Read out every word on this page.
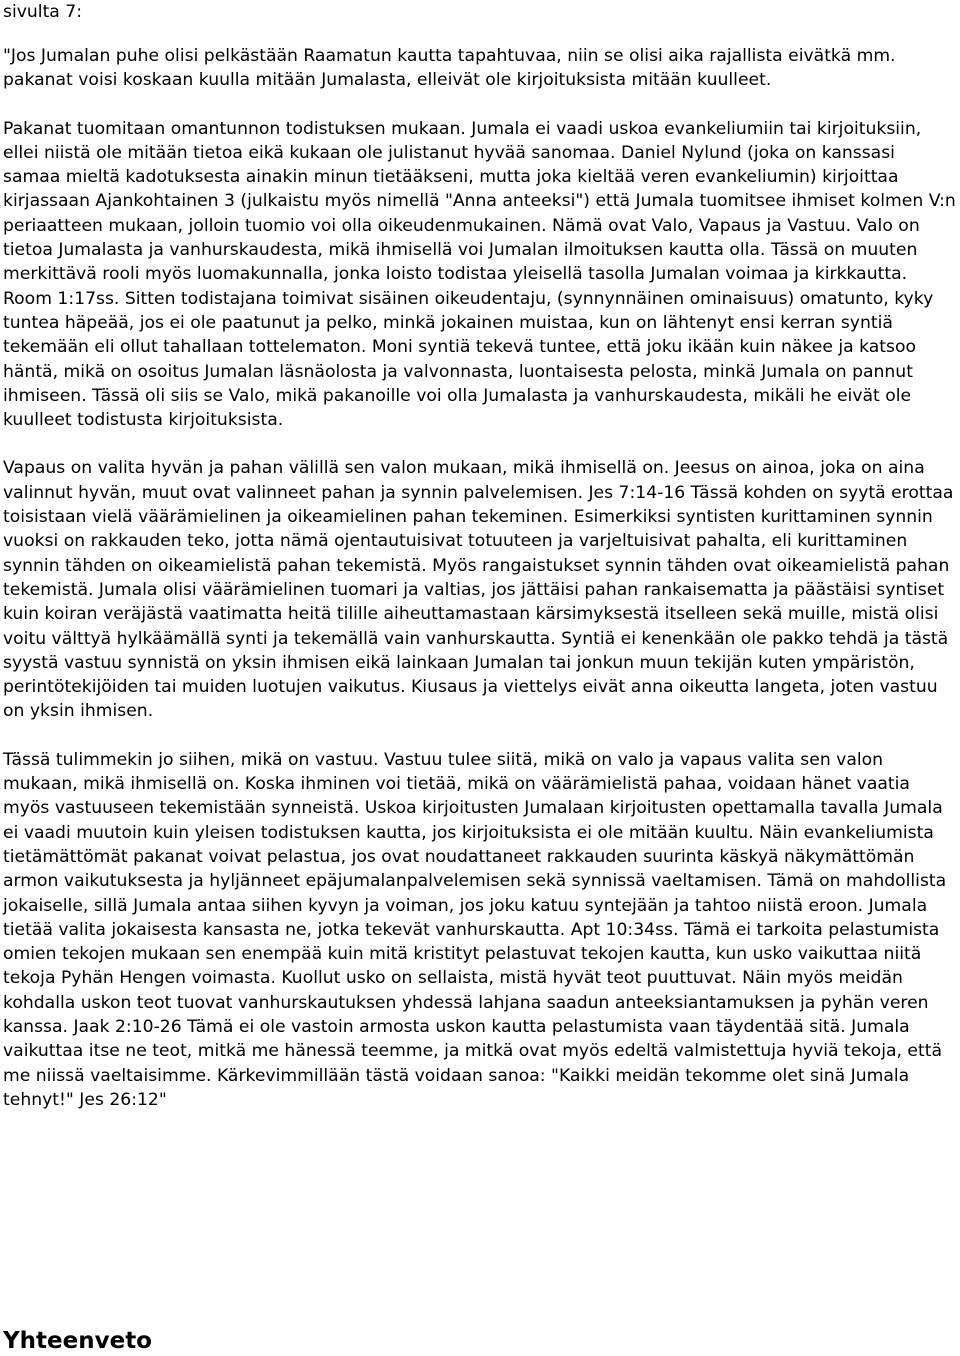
sivulta 7:

"Jos Jumalan puhe olisi pelkästään Raamatun kautta tapahtuvaa, niin se olisi aika rajallista eivätkä mm. pakanat voisi koskaan kuulla mitään Jumalasta, elleivät ole kirjoituksista mitään kuulleet.

Pakanat tuomitaan omantunnon todistuksen mukaan. Jumala ei vaadi uskoa evankeliumiin tai kirjoituksiin, ellei niistä ole mitään tietoa eikä kukaan ole julistanut hyvää sanomaa. Daniel Nylund (joka on kanssasi samaa mieltä kadotuksesta ainakin minun tietääkseni, mutta joka kieltää veren evankeliumin) kirjoittaa kirjassaan Ajankohtainen 3 (julkaistu myös nimellä "Anna anteeksi") että Jumala tuomitsee ihmiset kolmen V:n periaatteen mukaan, jolloin tuomio voi olla oikeudenmukainen. Nämä ovat Valo, Vapaus ja Vastuu. Valo on tietoa Jumalasta ja vanhurskaudesta, mikä ihmisellä voi Jumalan ilmoituksen kautta olla. Tässä on muuten merkittävä rooli myös luomakunnalla, jonka loisto todistaa yleisellä tasolla Jumalan voimaa ja kirkkautta. Room 1:17ss. Sitten todistajana toimivat sisäinen oikeudentaju, (synnynnäinen ominaisuus) omatunto, kyky tuntea häpeää, jos ei ole paatunut ja pelko, minkä jokainen muistaa, kun on lähtenyt ensi kerran syntiä tekemään eli ollut tahallaan tottelematon. Moni syntiä tekevä tuntee, että joku ikään kuin näkee ja katsoo häntä, mikä on osoitus Jumalan läsnäolosta ja valvonnasta, luontaisesta pelosta, minkä Jumala on pannut ihmiseen. Tässä oli siis se Valo, mikä pakanoille voi olla Jumalasta ja vanhurskaudesta, mikäli he eivät ole kuulleet todistusta kirjoituksista.

Vapaus on valita hyvän ja pahan välillä sen valon mukaan, mikä ihmisellä on. Jeesus on ainoa, joka on aina valinnut hyvän, muut ovat valinneet pahan ja synnin palvelemisen. Jes 7:14-16 Tässä kohden on syytä erottaa toisistaan vielä väärämielinen ja oikeamielinen pahan tekeminen. Esimerkiksi syntisten kurittaminen synnin vuoksi on rakkauden teko, jotta nämä ojentautuisivat totuuteen ja varjeltuisivat pahalta, eli kurittaminen synnin tähden on oikeamielistä pahan tekemistä. Myös rangaistukset synnin tähden ovat oikeamielistä pahan tekemistä. Jumala olisi väärämielinen tuomari ja valtias, jos jättäisi pahan rankaisematta ja päästäisi syntiset kuin koiran veräjästä vaatimatta heitä tilille aiheuttamastaan kärsimyksestä itselleen sekä muille, mistä olisi voitu välttyä hylkäämällä synti ja tekemällä vain vanhurskautta. Syntiä ei kenenkään ole pakko tehdä ja tästä syystä vastuu synnistä on yksin ihmisen eikä lainkaan Jumalan tai jonkun muun tekijän kuten ympäristön, perintötekijöiden tai muiden luotujen vaikutus. Kiusaus ja viettelys eivät anna oikeutta langeta, joten vastuu on yksin ihmisen.

Tässä tulimmekin jo siihen, mikä on vastuu. Vastuu tulee siitä, mikä on valo ja vapaus valita sen valon mukaan, mikä ihmisellä on. Koska ihminen voi tietää, mikä on väärämielistä pahaa, voidaan hänet vaatia myös vastuuseen tekemistään synneistä. Uskoa kirjoitusten Jumalaan kirjoitusten opettamalla tavalla Jumala ei vaadi muutoin kuin yleisen todistuksen kautta, jos kirjoituksista ei ole mitään kuultu. Näin evankeliumista tietämättömät pakanat voivat pelastua, jos ovat noudattaneet rakkauden suurinta käskyä näkymättömän armon vaikutuksesta ja hyljänneet epäjumalanpalvelemisen sekä synnissä vaeltamisen. Tämä on mahdollista jokaiselle, sillä Jumala antaa siihen kyvyn ja voiman, jos joku katuu syntejään ja tahtoo niistä eroon. Jumala tietää valita jokaisesta kansasta ne, jotka tekevät vanhurskautta. Apt 10:34ss. Tämä ei tarkoita pelastumista omien tekojen mukaan sen enempää kuin mitä kristityt pelastuvat tekojen kautta, kun usko vaikuttaa niitä tekoja Pyhän Hengen voimasta. Kuollut usko on sellaista, mistä hyvät teot puuttuvat. Näin myös meidän kohdalla uskon teot tuovat vanhurskautuksen yhdessä lahjana saadun anteeksiantamuksen ja pyhän veren kanssa. Jaak 2:10-26 Tämä ei ole vastoin armosta uskon kautta pelastumista vaan täydentää sitä. Jumala vaikuttaa itse ne teot, mitkä me hänessä teemme, ja mitkä ovat myös edeltä valmistettuja hyviä tekoja, että me niissä vaeltaisimme. Kärkevimmillään tästä voidaan sanoa: "Kaikki meidän tekomme olet sinä Jumala tehnyt!" Jes 26:12"

Yhteenveto
